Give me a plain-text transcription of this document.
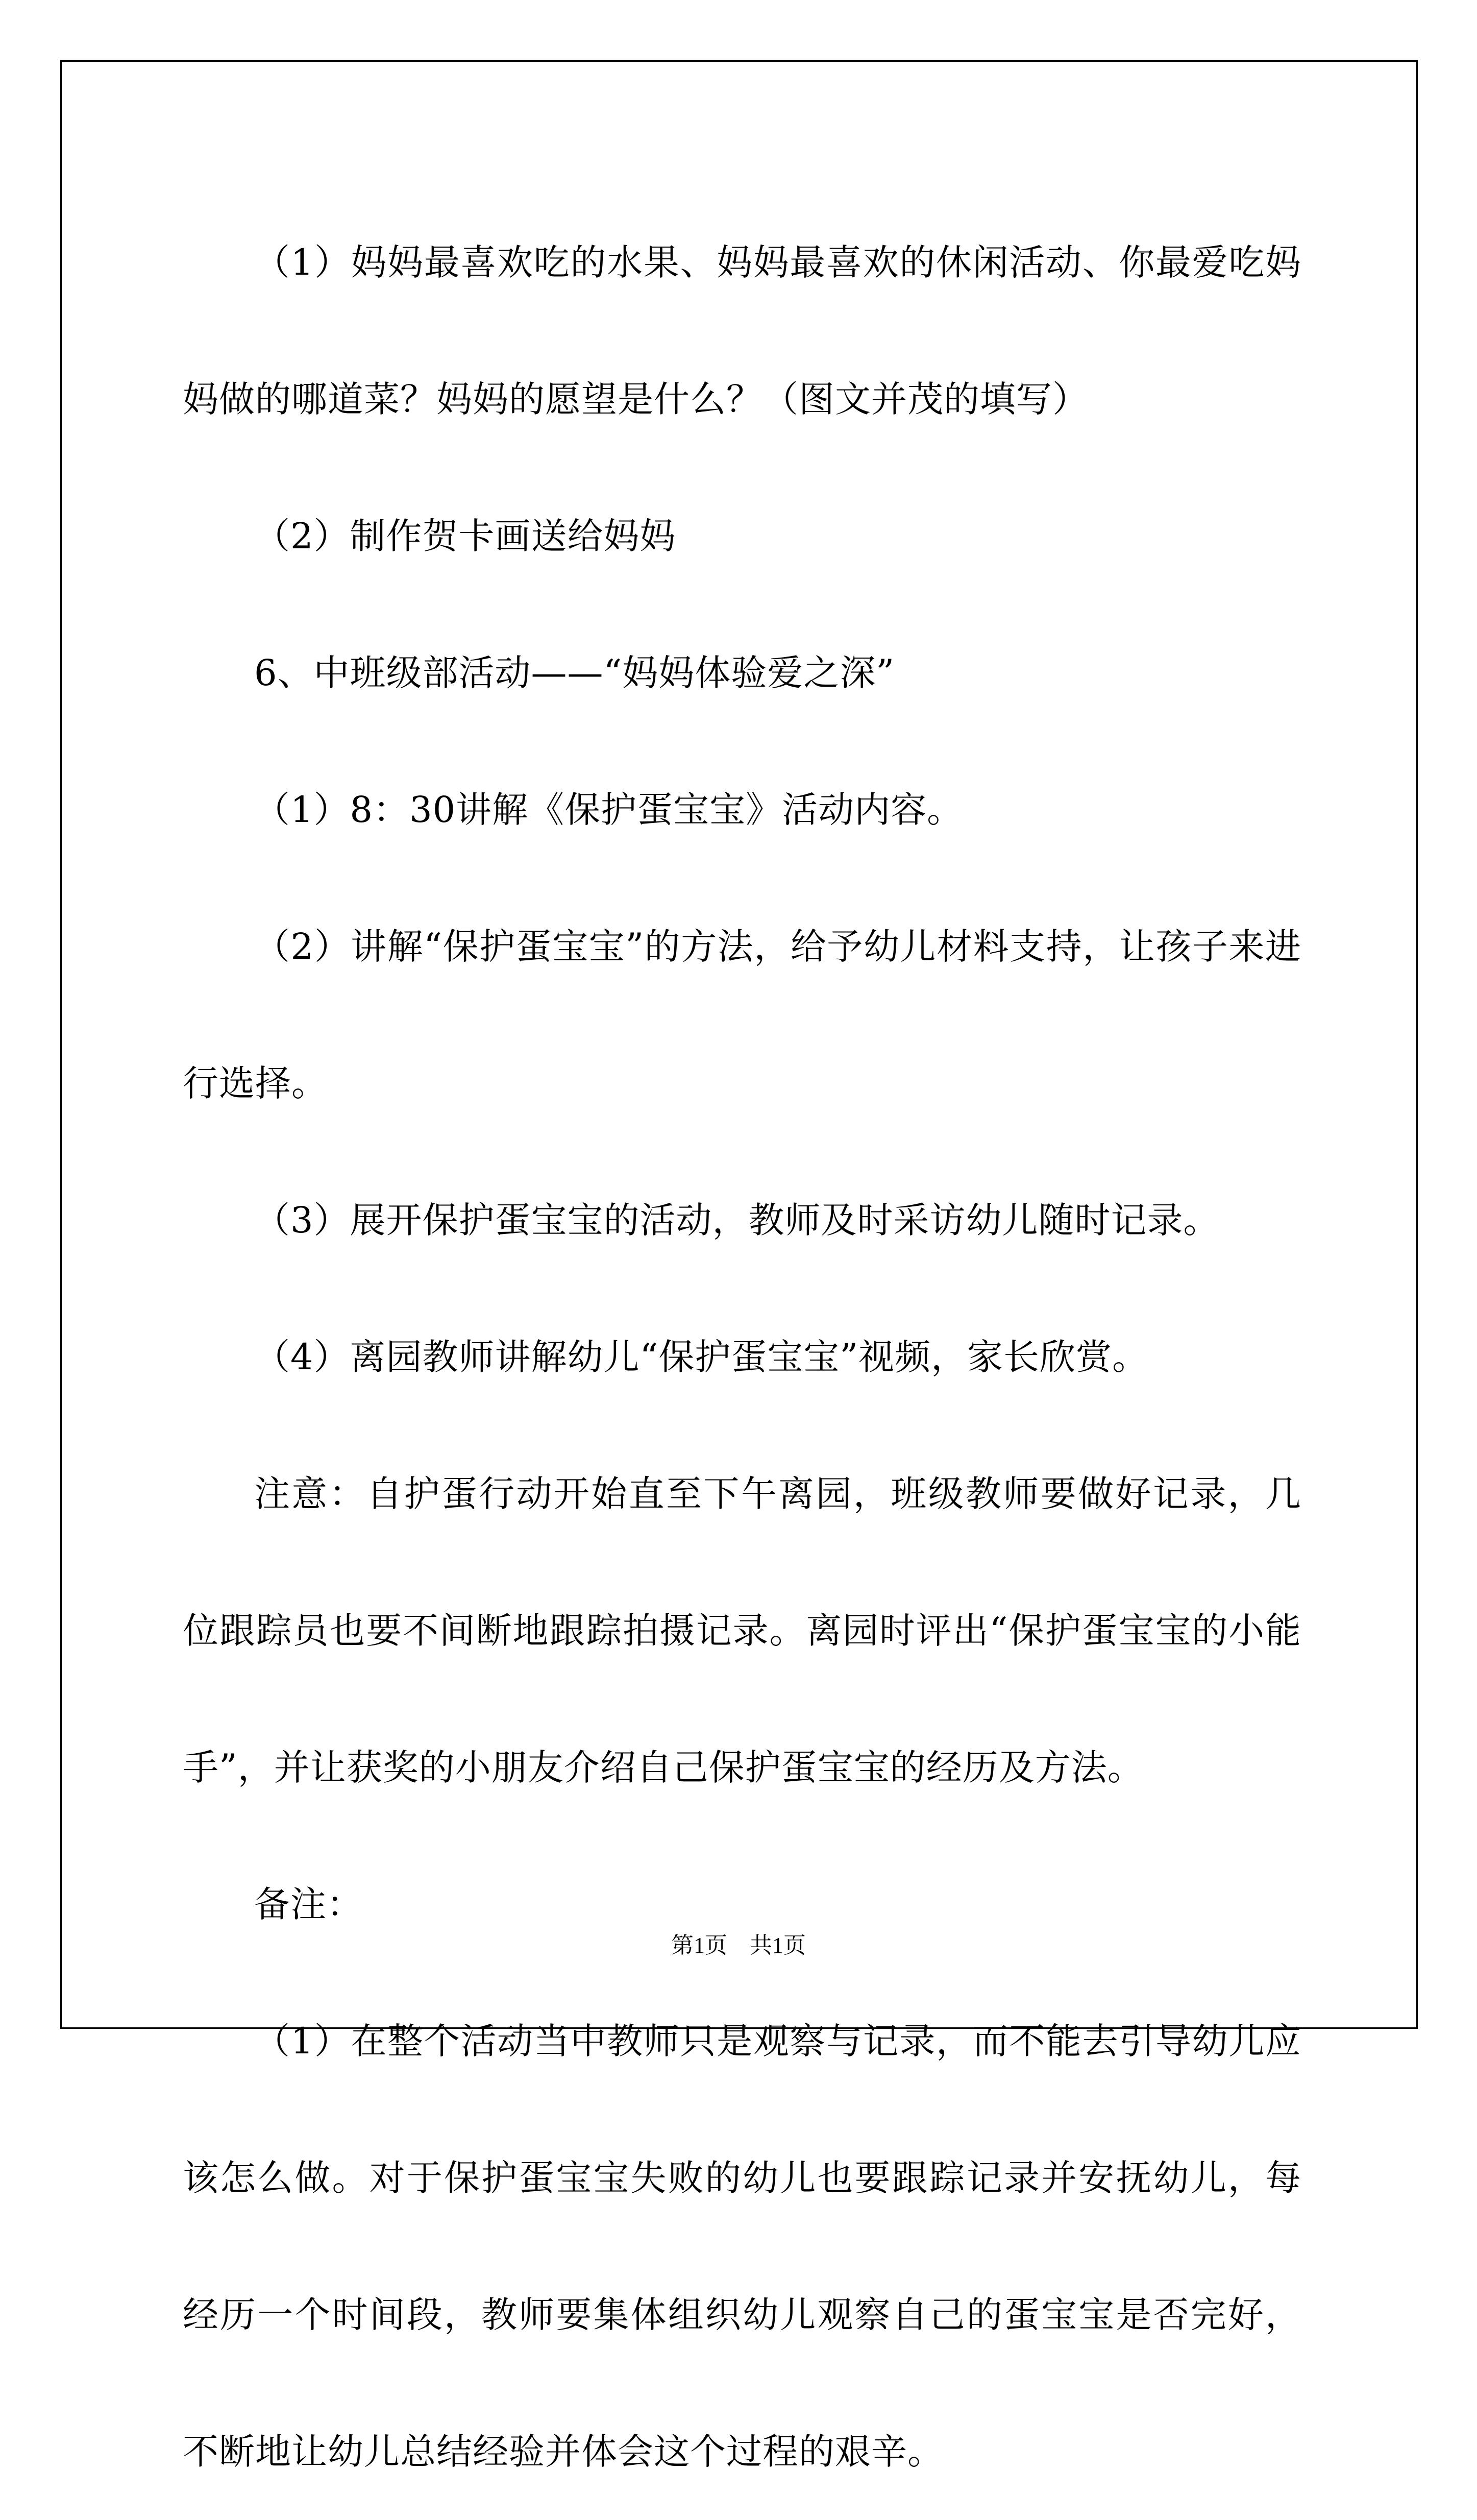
（1）妈妈最喜欢吃的水果、妈妈最喜欢的休闲活动、你最爱吃妈妈做的哪道菜？妈妈的愿望是什么？（图文并茂的填写）

（2）制作贺卡画送给妈妈

6、中班级部活动——“妈妈体验爱之深”

（1）8：30讲解《保护蛋宝宝》活动内容。

（2）讲解“保护蛋宝宝”的方法，给予幼儿材料支持，让孩子来进行选择。

（3）展开保护蛋宝宝的活动，教师及时采访幼儿随时记录。

（4）离园教师讲解幼儿“保护蛋宝宝”视频，家长欣赏。

注意：自护蛋行动开始直至下午离园，班级教师要做好记录，几位跟踪员也要不间断地跟踪拍摄记录。离园时评出“保护蛋宝宝的小能手”，并让获奖的小朋友介绍自己保护蛋宝宝的经历及方法。

备注：

（1）在整个活动当中教师只是观察与记录，而不能去引导幼儿应该怎么做。对于保护蛋宝宝失败的幼儿也要跟踪记录并安抚幼儿，每经历一个时间段，教师要集体组织幼儿观察自己的蛋宝宝是否完好，不断地让幼儿总结经验并体会这个过程的艰辛。

第1页　共1页
